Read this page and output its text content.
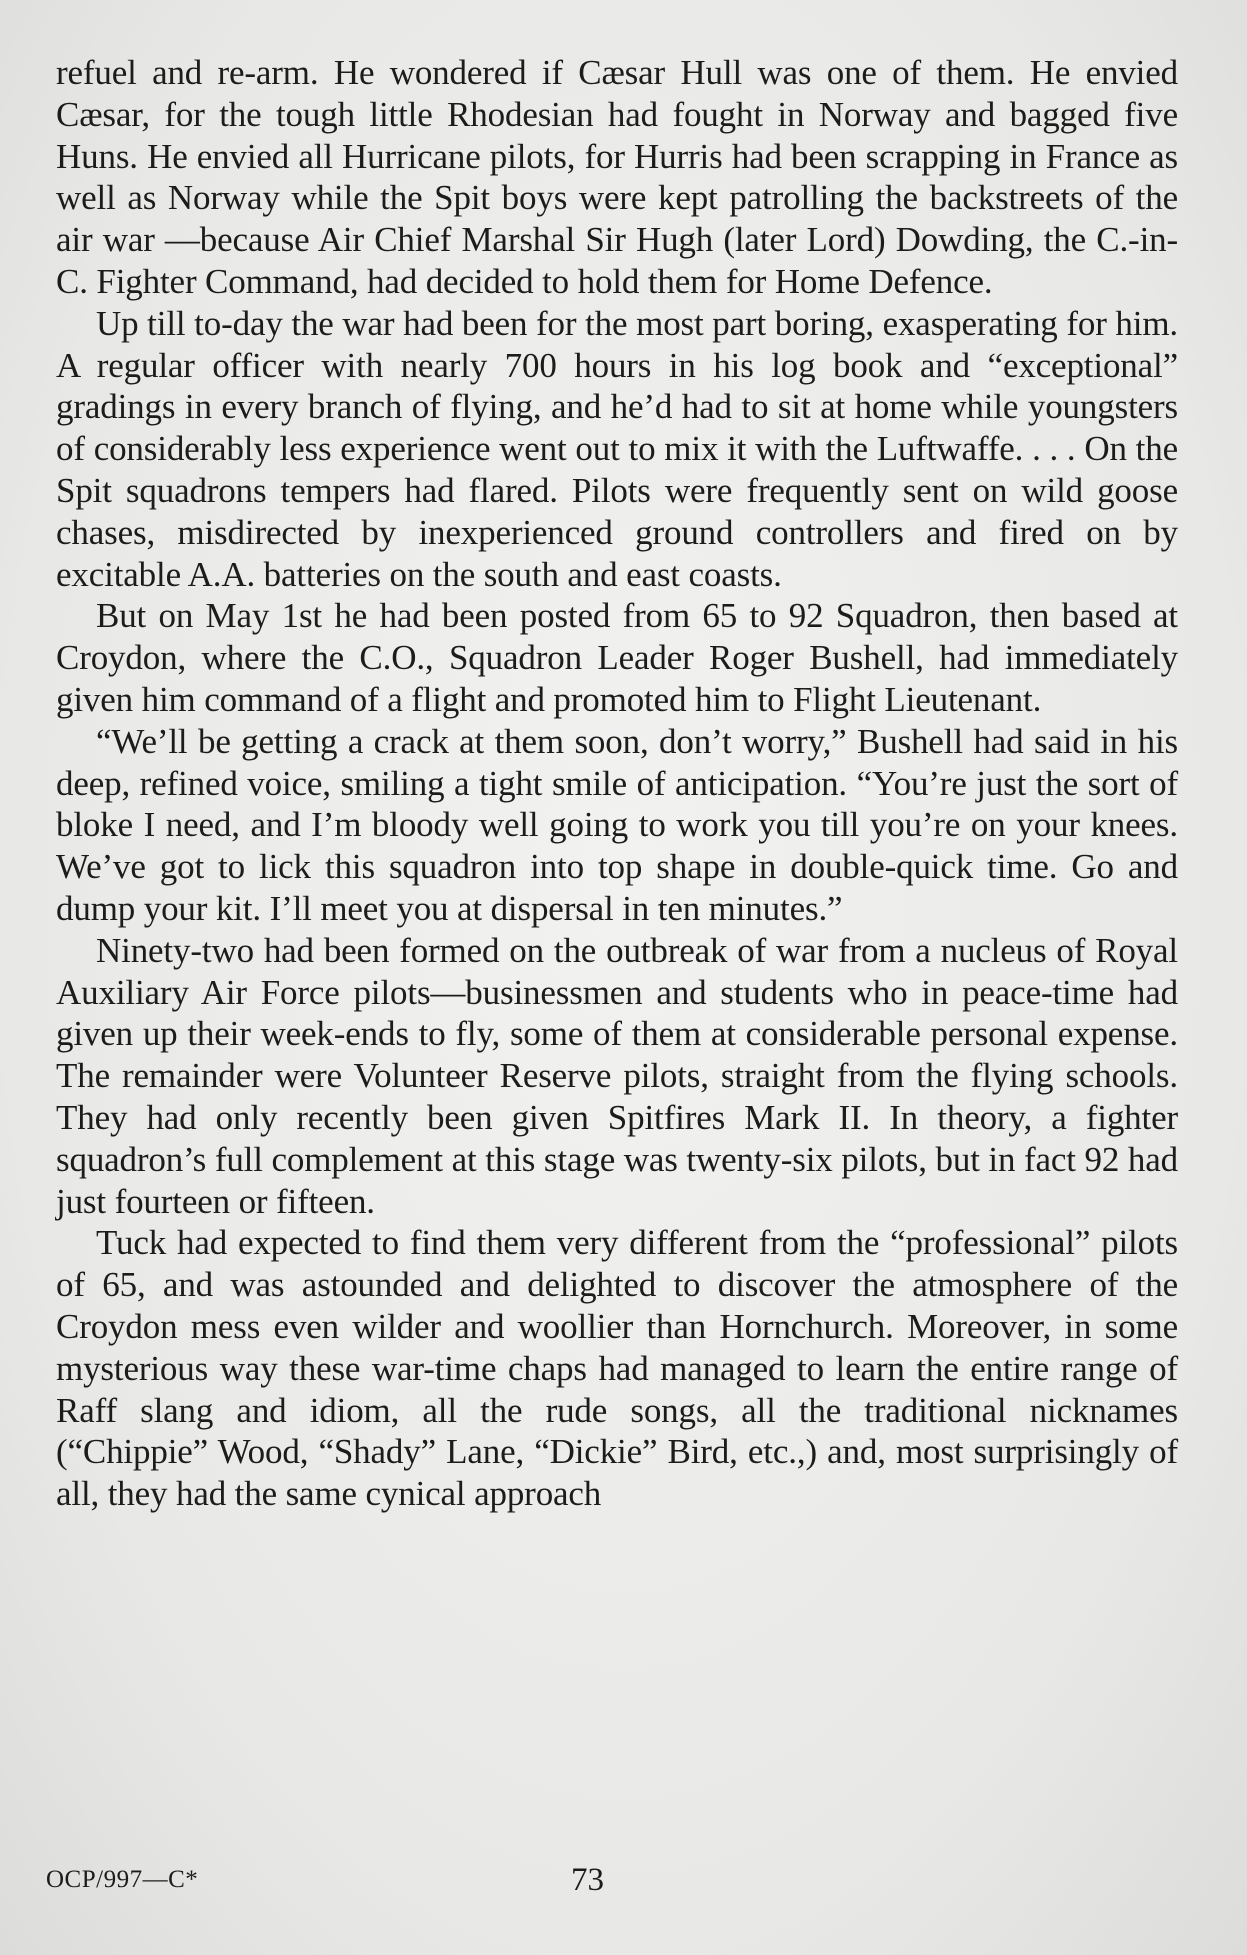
refuel and re-arm. He wondered if Cæsar Hull was one of them. He envied Cæsar, for the tough little Rhodesian had fought in Norway and bagged five Huns. He envied all Hurricane pilots, for Hurris had been scrapping in France as well as Norway while the Spit boys were kept patrolling the backstreets of the air war —because Air Chief Marshal Sir Hugh (later Lord) Dowding, the C.-in-C. Fighter Command, had decided to hold them for Home Defence.

Up till to-day the war had been for the most part boring, exasperating for him. A regular officer with nearly 700 hours in his log book and “exceptional” gradings in every branch of flying, and he’d had to sit at home while youngsters of considerably less experience went out to mix it with the Luftwaffe. . . . On the Spit squadrons tempers had flared. Pilots were frequently sent on wild goose chases, misdirected by inexperienced ground controllers and fired on by excitable A.A. batteries on the south and east coasts.

But on May 1st he had been posted from 65 to 92 Squadron, then based at Croydon, where the C.O., Squadron Leader Roger Bushell, had immediately given him command of a flight and promoted him to Flight Lieutenant.

“We’ll be getting a crack at them soon, don’t worry,” Bushell had said in his deep, refined voice, smiling a tight smile of anticipation. “You’re just the sort of bloke I need, and I’m bloody well going to work you till you’re on your knees. We’ve got to lick this squadron into top shape in double-quick time. Go and dump your kit. I’ll meet you at dispersal in ten minutes.”

Ninety-two had been formed on the outbreak of war from a nucleus of Royal Auxiliary Air Force pilots—businessmen and students who in peace-time had given up their week-ends to fly, some of them at considerable personal expense. The remainder were Volunteer Reserve pilots, straight from the flying schools. They had only recently been given Spitfires Mark II. In theory, a fighter squadron’s full complement at this stage was twenty-six pilots, but in fact 92 had just fourteen or fifteen.

Tuck had expected to find them very different from the “professional” pilots of 65, and was astounded and delighted to discover the atmosphere of the Croydon mess even wilder and woollier than Hornchurch. Moreover, in some mysterious way these war-time chaps had managed to learn the entire range of Raff slang and idiom, all the rude songs, all the traditional nicknames (“Chippie” Wood, “Shady” Lane, “Dickie” Bird, etc.,) and, most surprisingly of all, they had the same cynical approach

OCP/997—C*	73
